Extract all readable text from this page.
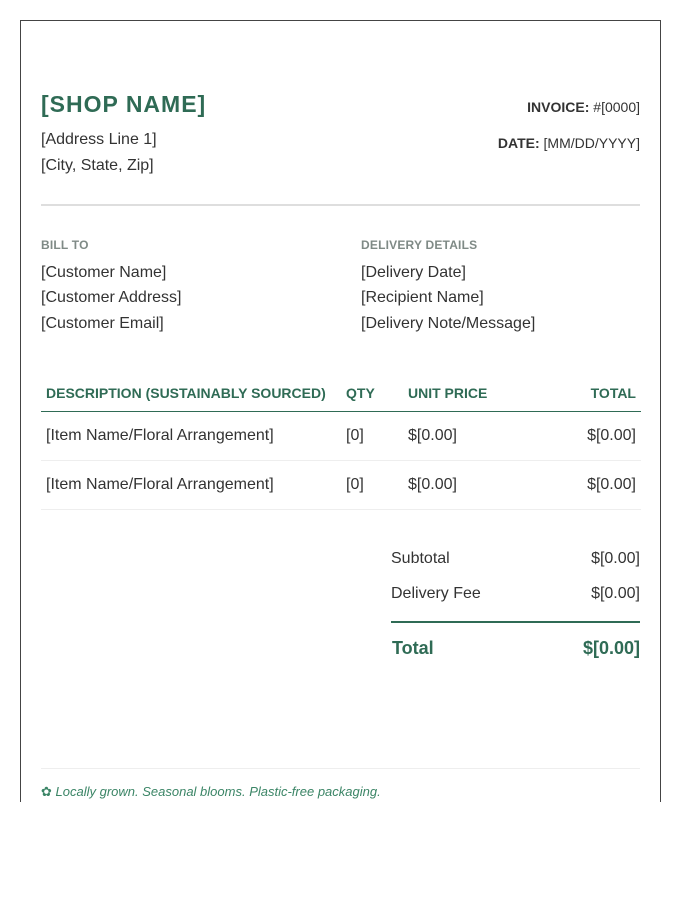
[SHOP NAME]
[Address Line 1]
[City, State, Zip]
INVOICE: #[0000]
DATE: [MM/DD/YYYY]
BILL TO
[Customer Name]
[Customer Address]
[Customer Email]
DELIVERY DETAILS
[Delivery Date]
[Recipient Name]
[Delivery Note/Message]
DESCRIPTION (SUSTAINABLY SOURCED)	QTY	UNIT PRICE	TOTAL
[Item Name/Floral Arrangement]	[0]	$[0.00]	$[0.00]
[Item Name/Floral Arrangement]	[0]	$[0.00]	$[0.00]
Subtotal	$[0.00]
Delivery Fee	$[0.00]
Total	$[0.00]
✿ Locally grown. Seasonal blooms. Plastic-free packaging.
